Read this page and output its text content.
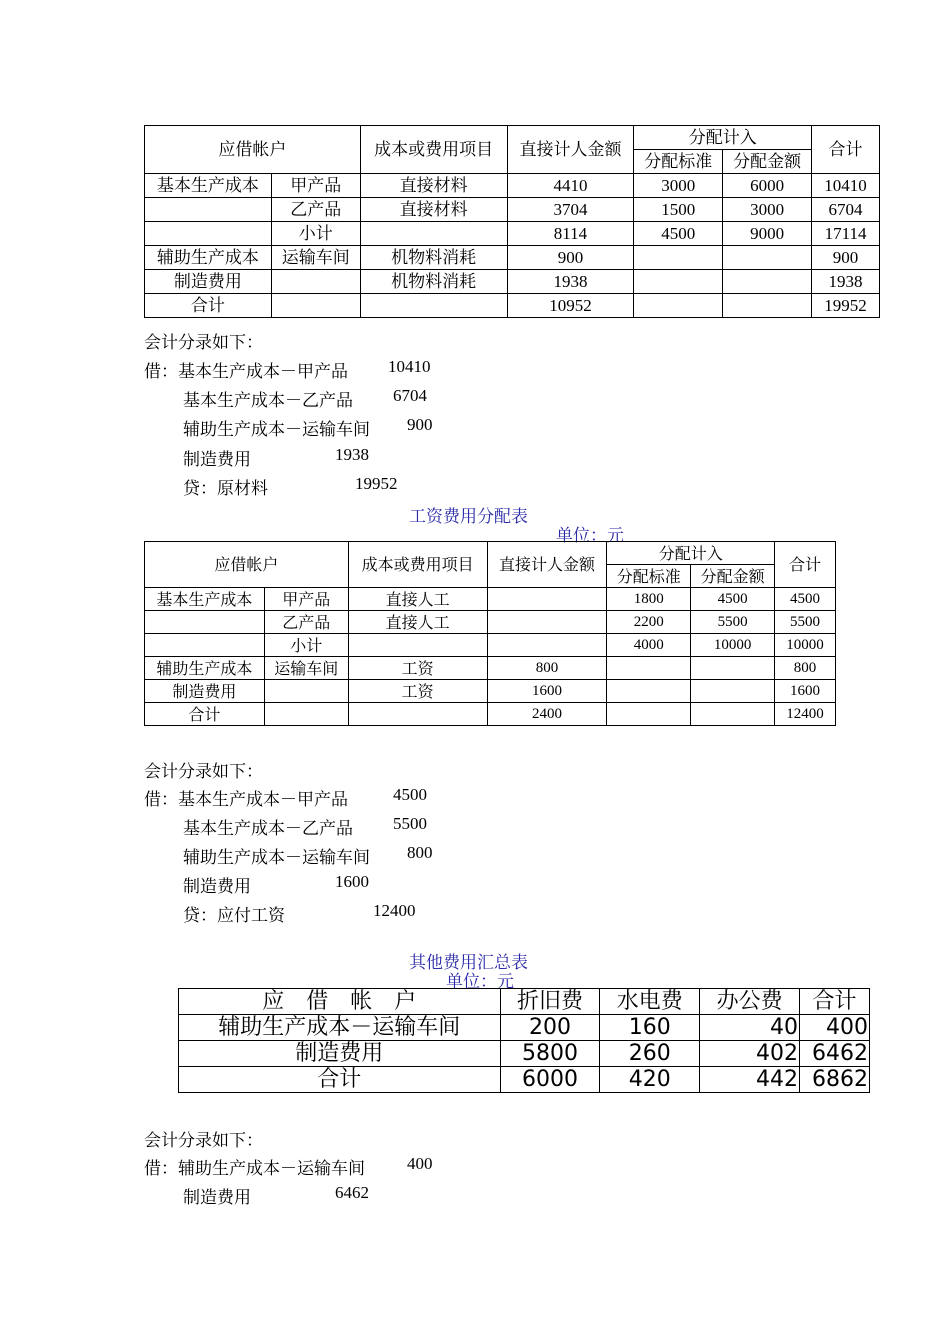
应借帐户		成本或费用项目	直接计人金额	分配计入		合计
				分配标准	分配金额	
基本生产成本	甲产品	直接材料	4410	3000	6000	10410
	乙产品	直接材料	3704	1500	3000	6704
	小计		8114	4500	9000	17114
辅助生产成本	运输车间	机物料消耗	900			900
制造费用		机物料消耗	1938			1938
合计			10952			19952
会计分录如下：
借：基本生产成本－甲产品 10410
基本生产成本－乙产品 6704
辅助生产成本－运输车间 900
制造费用	1938
贷：原材料	19952
工资费用分配表
单位：元
应借帐户		成本或费用项目	直接计人金额	分配计入		合计
				分配标准	分配金额	
基本生产成本	甲产品	直接人工		1800	4500	4500
	乙产品	直接人工		2200	5500	5500
	小计			4000	10000	10000
辅助生产成本	运输车间	工资	800			800
制造费用		工资	1600			1600
合计			2400			12400
会计分录如下：
借：基本生产成本－甲产品	4500
基本生产成本－乙产品 5500
辅助生产成本－运输车间 800
制造费用	1600
贷：应付工资	12400
其他费用汇总表
单位：元
应　借　帐　户	折旧费	水电费	办公费	合计
辅助生产成本－运输车间	200	160	40	400
制造费用	5800	260	402	6462
合计	6000	420	442	6862
会计分录如下：
借：辅助生产成本－运输车间 400
制造费用	6462
